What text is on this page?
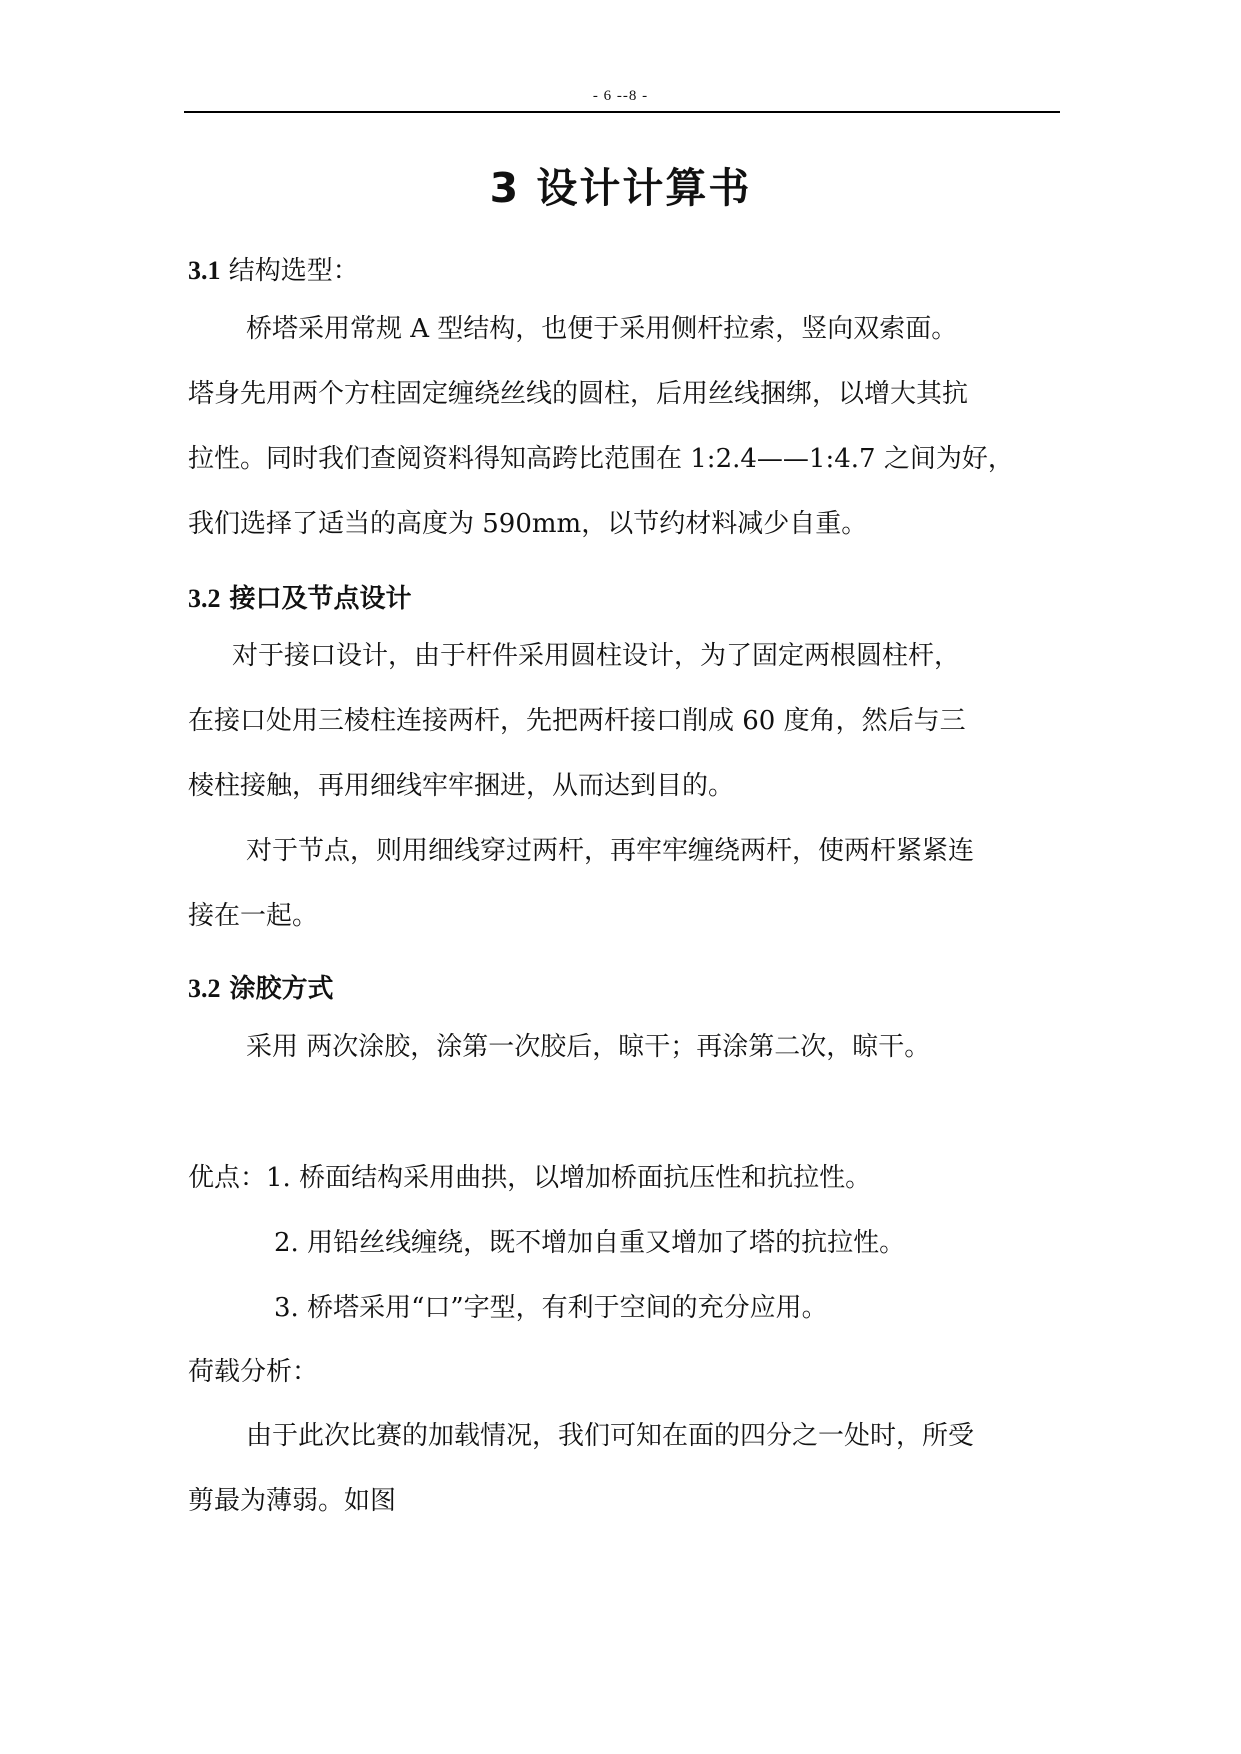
- 6 --8 -
3 设计计算书
3.1 结构选型：
桥塔采用常规 A 型结构，也便于采用侧杆拉索，竖向双索面。
塔身先用两个方柱固定缠绕丝线的圆柱，后用丝线捆绑，以增大其抗
拉性。同时我们查阅资料得知高跨比范围在 1:2.4——1:4.7 之间为好，
我们选择了适当的高度为 590mm，以节约材料减少自重。
3.2 接口及节点设计
对于接口设计，由于杆件采用圆柱设计，为了固定两根圆柱杆，
在接口处用三棱柱连接两杆，先把两杆接口削成 60 度角，然后与三
棱柱接触，再用细线牢牢捆进，从而达到目的。
对于节点，则用细线穿过两杆，再牢牢缠绕两杆，使两杆紧紧连
接在一起。
3.2 涂胶方式
采用 两次涂胶，涂第一次胶后，晾干；再涂第二次，晾干。
优点：1. 桥面结构采用曲拱，以增加桥面抗压性和抗拉性。
2. 用铅丝线缠绕，既不增加自重又增加了塔的抗拉性。
3. 桥塔采用“口”字型，有利于空间的充分应用。
荷载分析：
由于此次比赛的加载情况，我们可知在面的四分之一处时，所受
剪最为薄弱。如图
